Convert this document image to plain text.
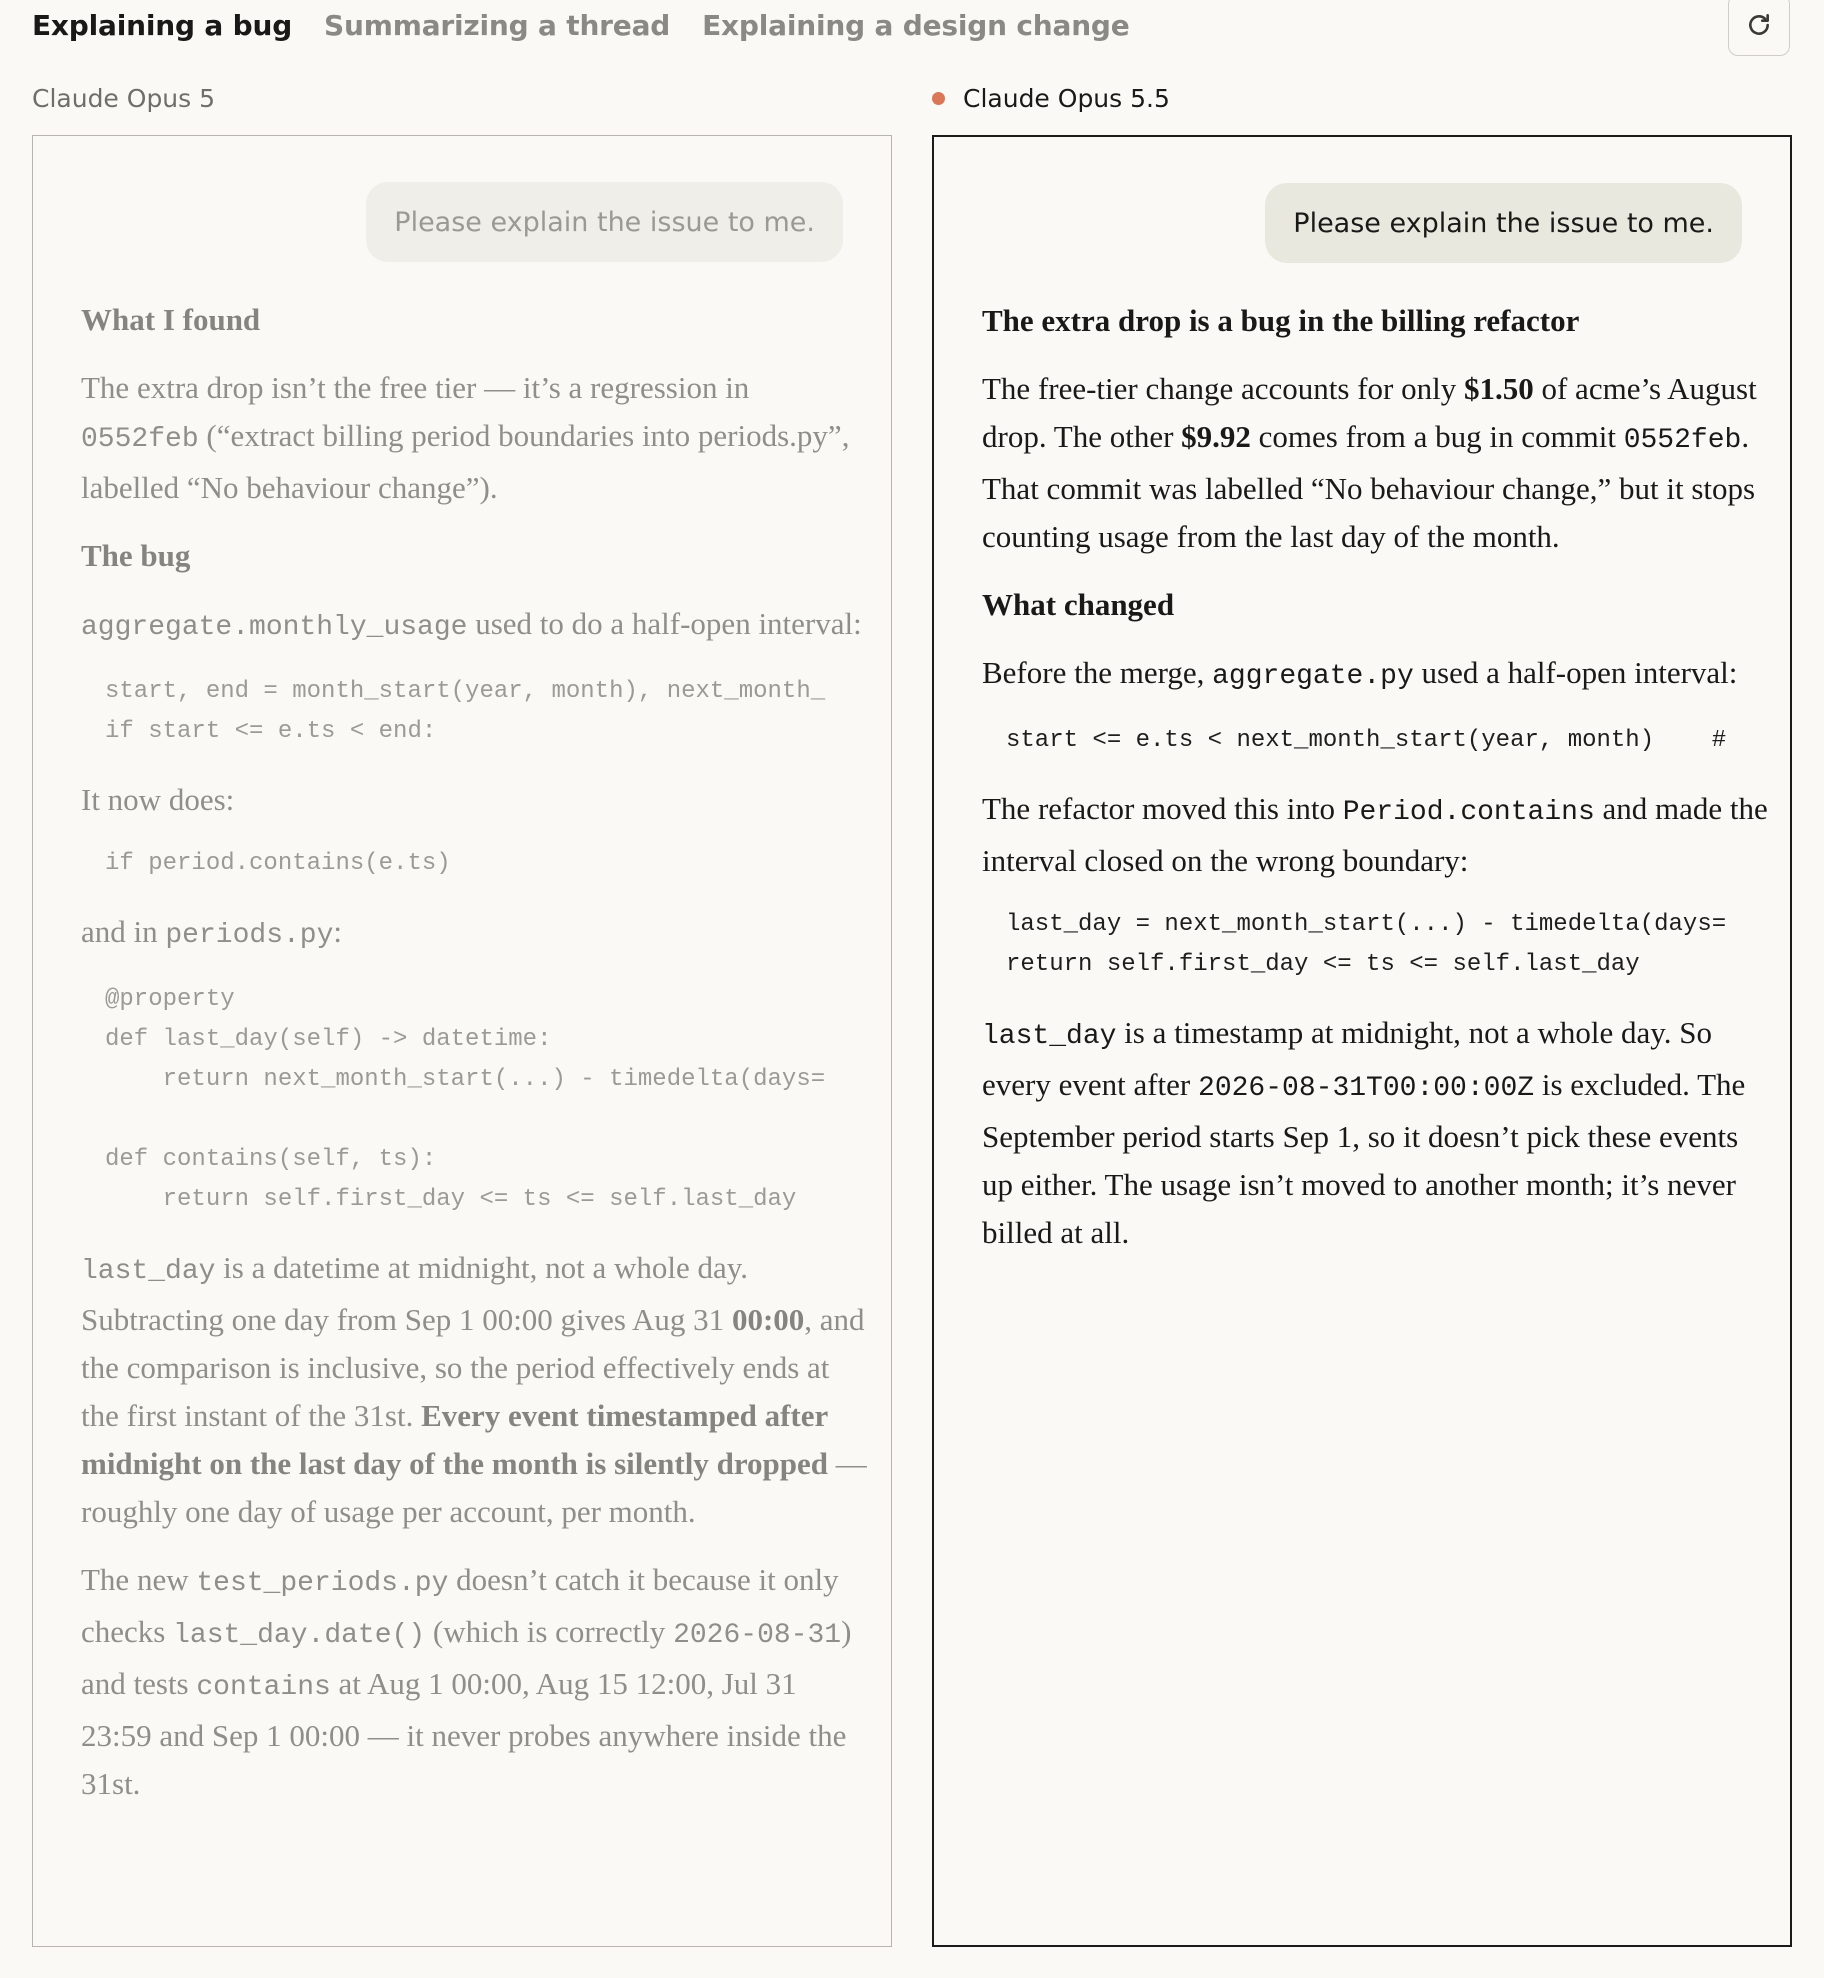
Explaining a bug Summarizing a thread Explaining a design change
Claude Opus 5	Claude Opus 5.5
Please explain the issue to me.
What I found

The extra drop isn’t the free tier — it’s a regression in 0552feb (“extract billing period boundaries into periods.py”, labelled “No behaviour change”).

The bug

aggregate.monthly_usage used to do a half-open interval:

start, end = month_start(year, month), next_month_
if start <= e.ts < end:

It now does:

if period.contains(e.ts)

and in periods.py:

@property
def last_day(self) -> datetime:
return next_month_start(...) - timedelta(days=

def contains(self, ts):
return self.first_day <= ts <= self.last_day

last_day is a datetime at midnight, not a whole day. Subtracting one day from Sep 1 00:00 gives Aug 31 00:00, and the comparison is inclusive, so the period effectively ends at the first instant of the 31st. Every event timestamped after midnight on the last day of the month is silently dropped — roughly one day of usage per account, per month.

The new test_periods.py doesn’t catch it because it only checks last_day.date() (which is correctly 2026-08-31) and tests contains at Aug 1 00:00, Aug 15 12:00, Jul 31 23:59 and Sep 1 00:00 — it never probes anywhere inside the 31st.

Please explain the issue to me.
The extra drop is a bug in the billing refactor

The free-tier change accounts for only $1.50 of acme’s August drop. The other $9.92 comes from a bug in commit 0552feb. That commit was labelled “No behaviour change,” but it stops counting usage from the last day of the month.

What changed

Before the merge, aggregate.py used a half-open interval:

start <= e.ts < next_month_start(year, month)    #

The refactor moved this into Period.contains and made the interval closed on the wrong boundary:

last_day = next_month_start(...) - timedelta(days=
return self.first_day <= ts <= self.last_day

last_day is a timestamp at midnight, not a whole day. So every event after 2026-08-31T00:00:00Z is excluded. The September period starts Sep 1, so it doesn’t pick these events up either. The usage isn’t moved to another month; it’s never billed at all.
